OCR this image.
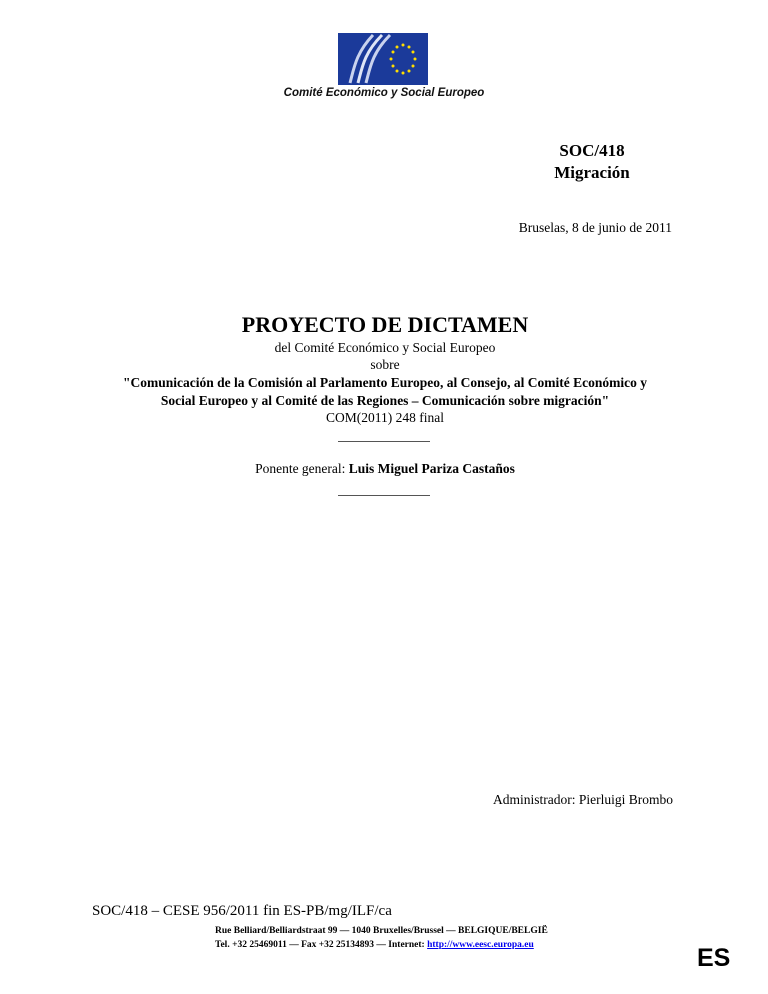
Comité Económico y Social Europeo
SOC/418
Migración
Bruselas, 8 de junio de 2011
PROYECTO DE DICTAMEN
del Comité Económico y Social Europeo
sobre
"Comunicación de la Comisión al Parlamento Europeo, al Consejo, al Comité Económico y
Social Europeo y al Comité de las Regiones – Comunicación sobre migración"
COM(2011) 248 final
Ponente general: Luis Miguel Pariza Castaños
Administrador: Pierluigi Brombo
SOC/418 – CESE 956/2011 fin ES-PB/mg/ILF/ca
Rue Belliard/Belliardstraat 99 — 1040 Bruxelles/Brussel — BELGIQUE/BELGIË
Tel. +32 25469011 — Fax +32 25134893 — Internet: http://www.eesc.europa.eu	ES
